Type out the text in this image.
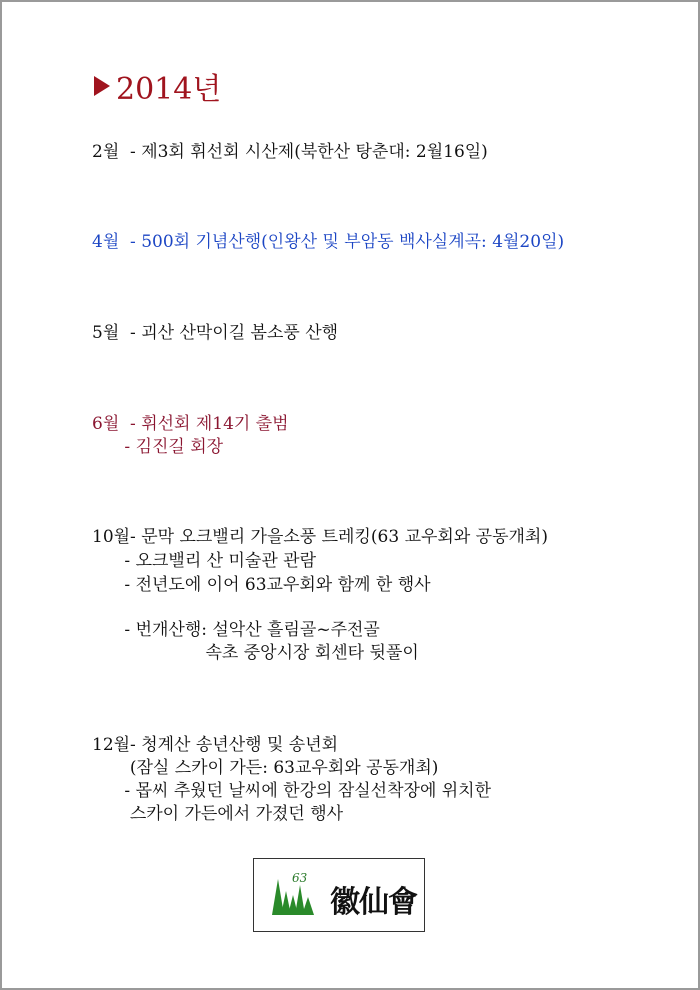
2014년
2월  - 제3회 휘선회 시산제(북한산 탕춘대: 2월16일)
4월  - 500회 기념산행(인왕산 및 부암동 백사실계곡: 4월20일)
5월  - 괴산 산막이길 봄소풍 산행
6월  - 휘선회 제14기 출범
- 김진길 회장
10월- 문막 오크밸리 가을소풍 트레킹(63 교우회와 공동개최)
- 오크밸리 산 미술관 관람
- 전년도에 이어 63교우회와 함께 한 행사
- 번개산행: 설악산 흘림골~주전골
속초 중앙시장 회센타 뒷풀이
12월- 청계산 송년산행 및 송년회
(잠실 스카이 가든: 63교우회와 공동개최)
- 몹씨 추웠던 날씨에 한강의 잠실선착장에 위치한
스카이 가든에서 가졌던 행사
63
徽仙會
